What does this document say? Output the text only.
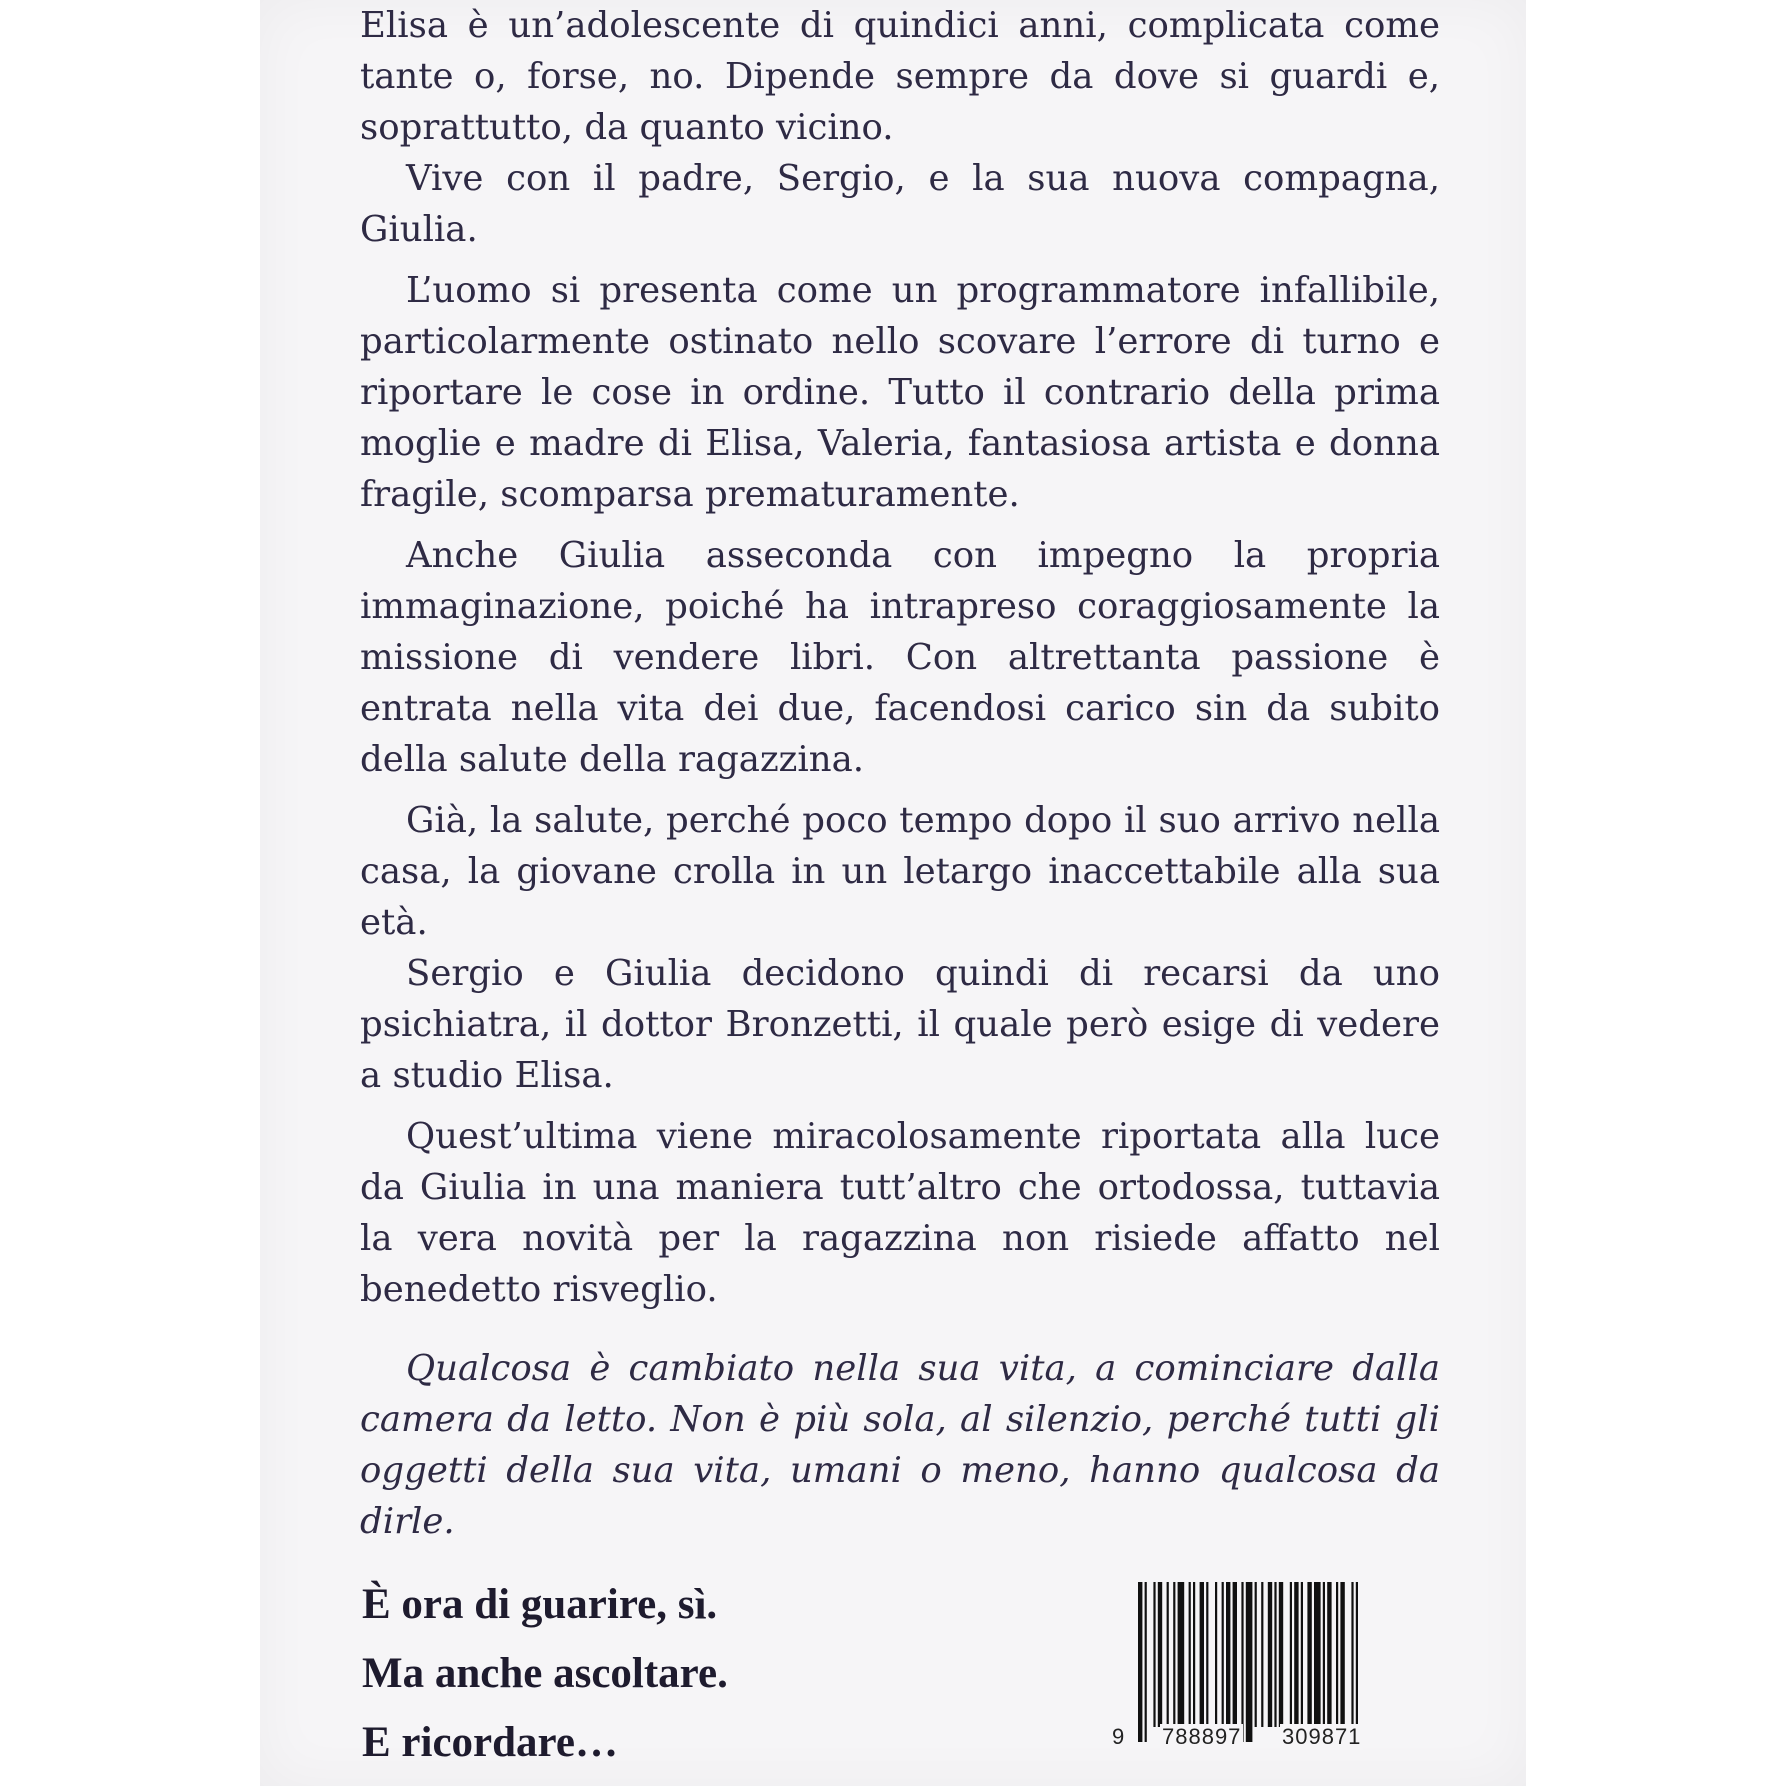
Elisa è un’adolescente di quindici anni, complicata come tante o, forse, no. Dipende sempre da dove si guardi e, soprattutto, da quanto vicino.

Vive con il padre, Sergio, e la sua nuova compagna, Giulia.

L’uomo si presenta come un programmatore infallibile, particolarmente ostinato nello scovare l’errore di turno e riportare le cose in ordine. Tutto il contrario della prima moglie e madre di Elisa, Valeria, fantasiosa artista e donna fragile, scomparsa prematuramente.

Anche Giulia asseconda con impegno la propria immaginazione, poiché ha intrapreso coraggiosamente la missione di vendere libri. Con altrettanta passione è entrata nella vita dei due, facendosi carico sin da subito della salute della ragazzina.

Già, la salute, perché poco tempo dopo il suo arrivo nella casa, la giovane crolla in un letargo inaccettabile alla sua età.

Sergio e Giulia decidono quindi di recarsi da uno psichiatra, il dottor Bronzetti, il quale però esige di vedere a studio Elisa.

Quest’ultima viene miracolosamente riportata alla luce da Giulia in una maniera tutt’altro che ortodossa, tuttavia la vera novità per la ragazzina non risiede affatto nel benedetto risveglio.

Qualcosa è cambiato nella sua vita, a cominciare dalla camera da letto. Non è più sola, al silenzio, perché tutti gli oggetti della sua vita, umani o meno, hanno qualcosa da dirle.

È ora di guarire, sì.
Ma anche ascoltare.
E ricordare…	9 788897 309871
